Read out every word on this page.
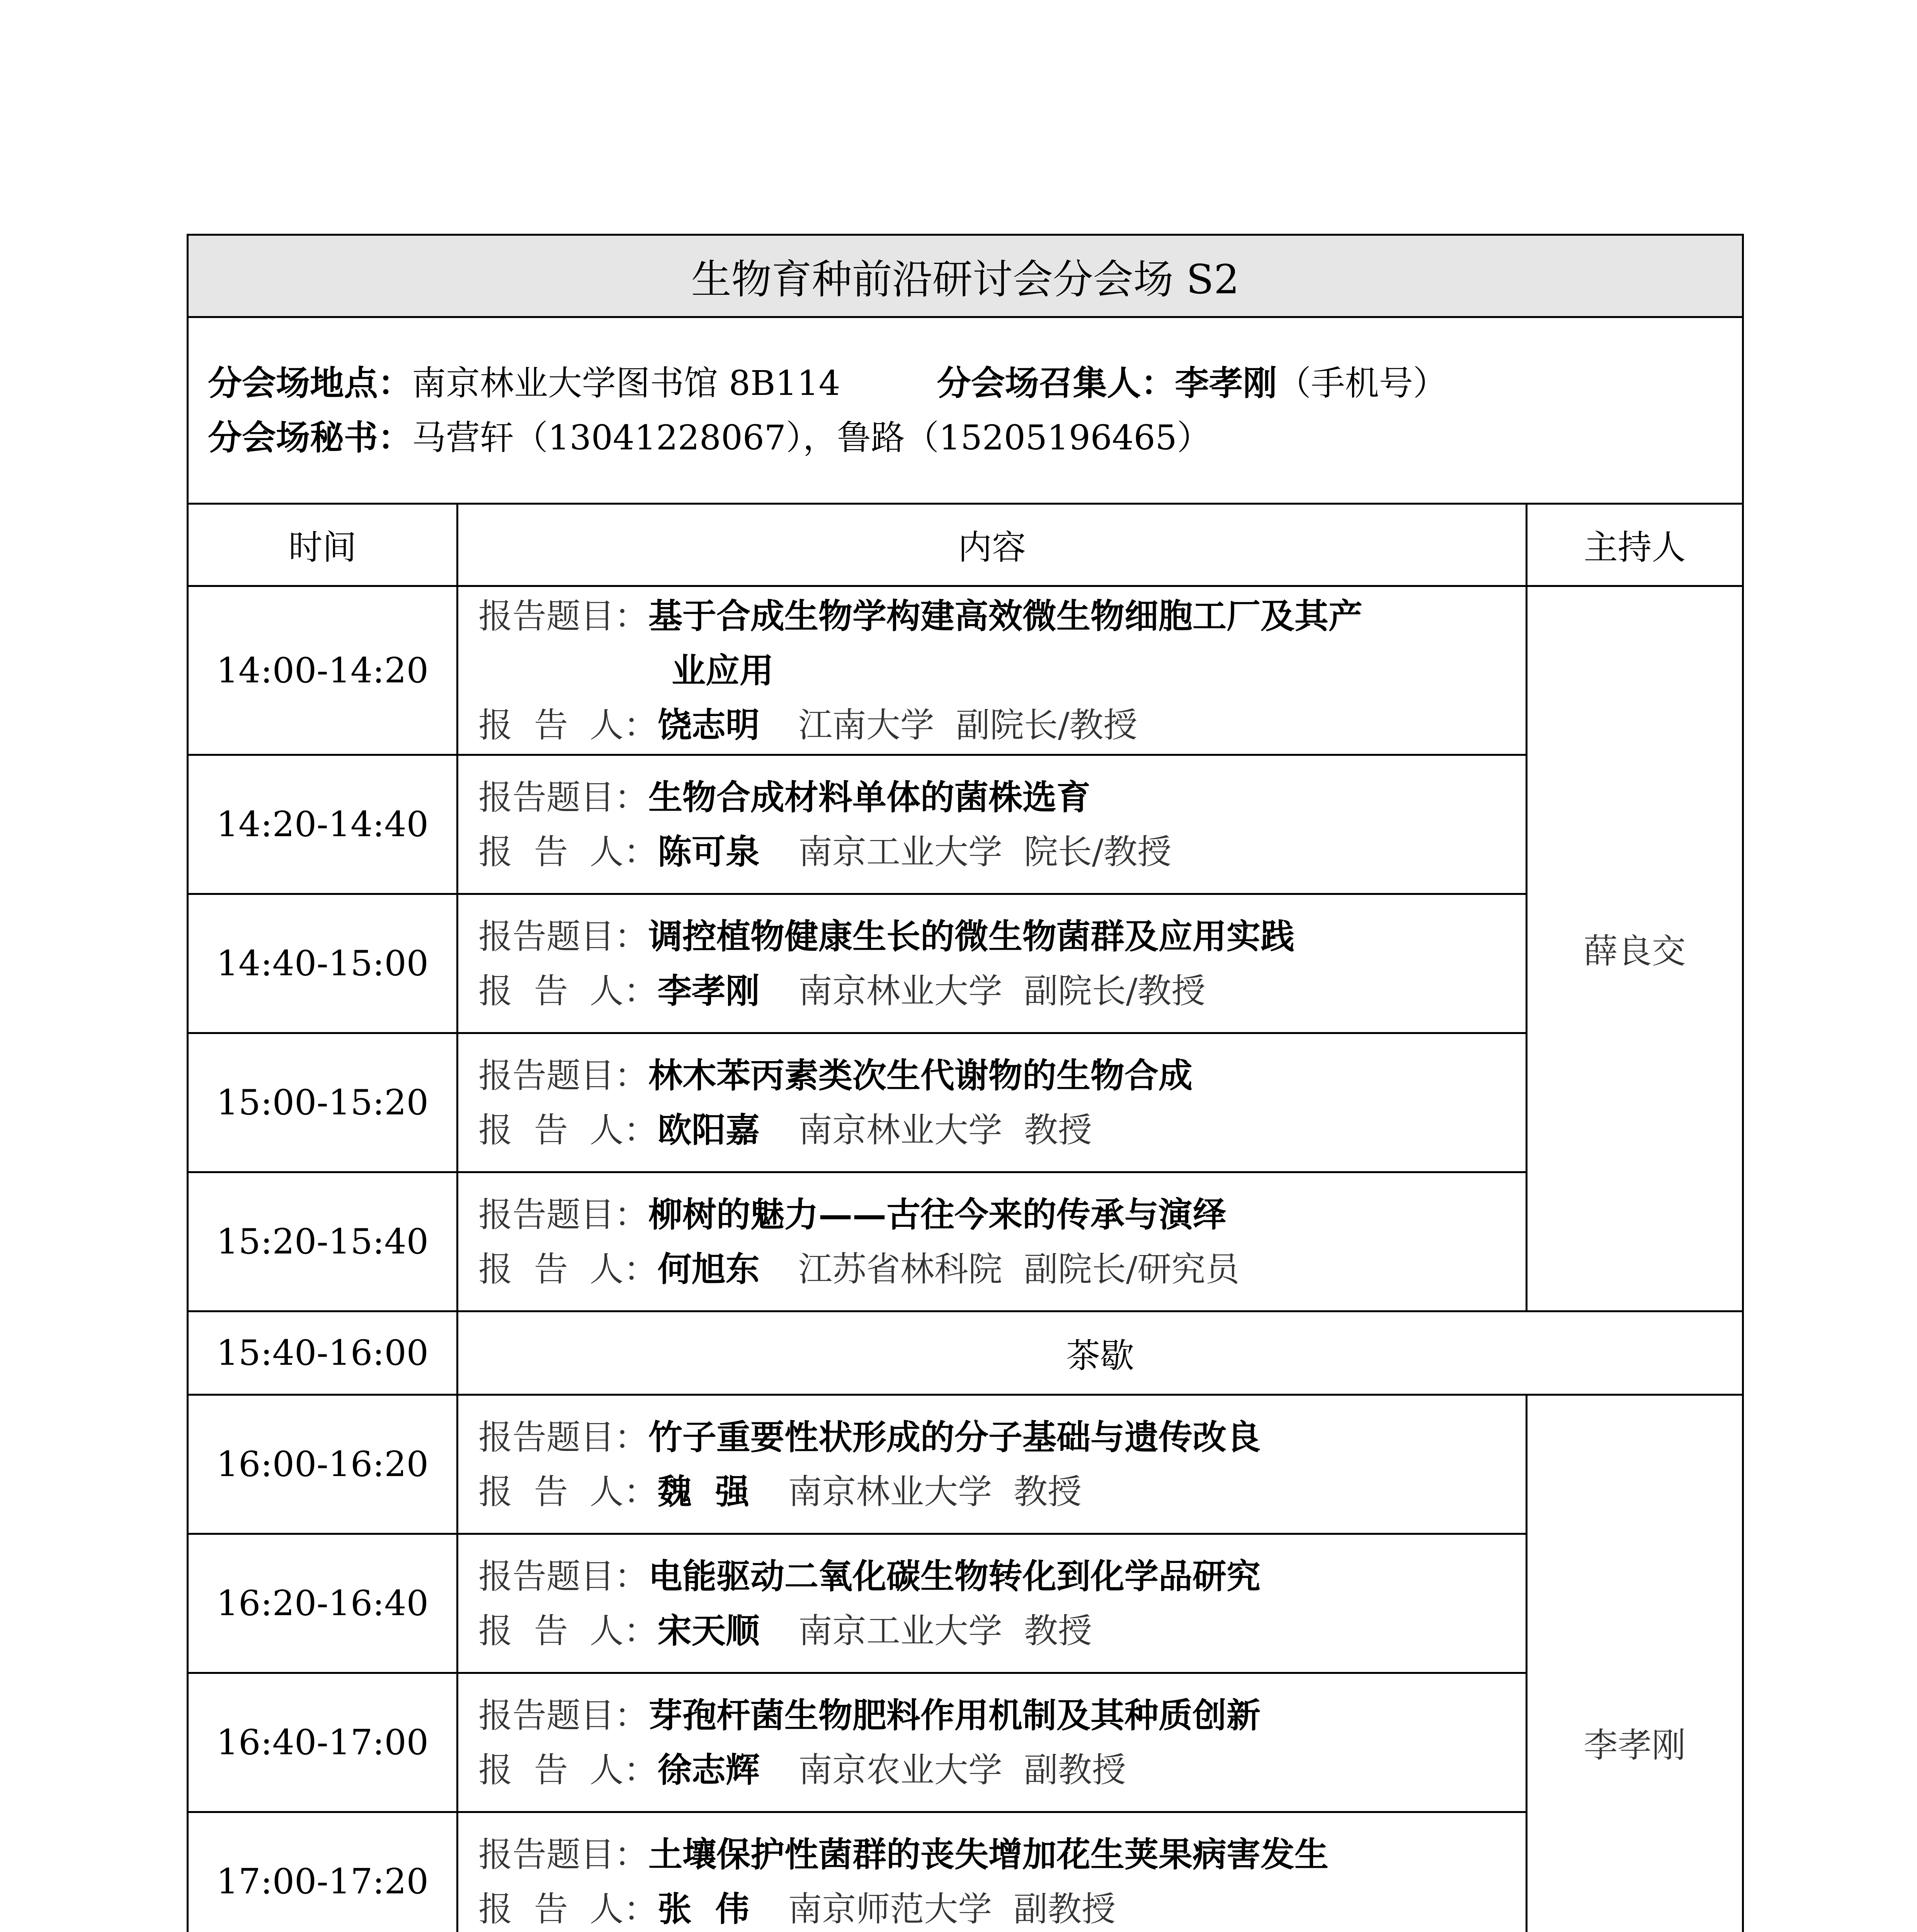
生物育种前沿研讨会分会场 S2		

分会场地点：南京林业大学图书馆 8B114 分会场召集人：李孝刚（手机号）
分会场秘书：马营轩（13041228067），鲁路（15205196465）		

时间	内容	主持人
14:00-14:20	报告题目：基于合成生物学构建高效微生物细胞工厂及其产
业应用
报  告  人：饶志明 江南大学  副院长/教授	薛良交
14:20-14:40	报告题目：生物合成材料单体的菌株选育
报  告  人：陈可泉 南京工业大学  院长/教授	

14:40-15:00	报告题目：调控植物健康生长的微生物菌群及应用实践
报  告  人：李孝刚 南京林业大学  副院长/教授	

15:00-15:20	报告题目：林木苯丙素类次生代谢物的生物合成
报  告  人：欧阳嘉 南京林业大学  教授	

15:20-15:40	报告题目：柳树的魅力——古往今来的传承与演绎
报  告  人：何旭东 江苏省林科院  副院长/研究员	

15:40-16:00	茶歇	
16:00-16:20	报告题目：竹子重要性状形成的分子基础与遗传改良
报  告  人：魏  强 南京林业大学  教授	李孝刚
16:20-16:40	报告题目：电能驱动二氧化碳生物转化到化学品研究
报  告  人：宋天顺 南京工业大学  教授	

16:40-17:00	报告题目：芽孢杆菌生物肥料作用机制及其种质创新
报  告  人：徐志辉 南京农业大学  副教授	

17:00-17:20	报告题目：土壤保护性菌群的丧失增加花生荚果病害发生
报  告  人：张  伟 南京师范大学  副教授	
